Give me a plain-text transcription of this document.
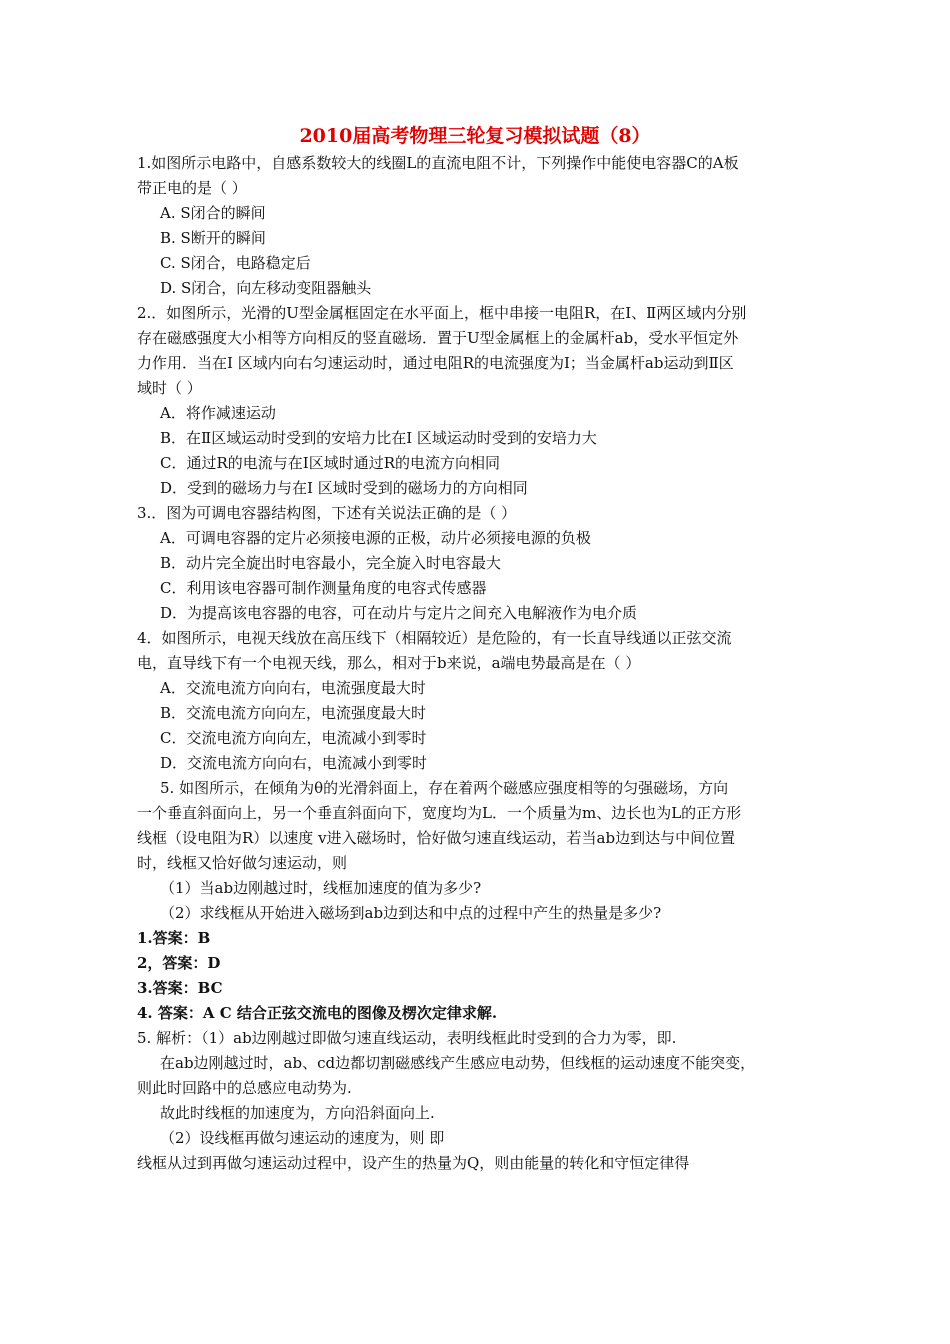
2010届高考物理三轮复习模拟试题（8）
1.如图所示电路中，自感系数较大的线圈L的直流电阻不计，下列操作中能使电容器C的A板
带正电的是（ ）
A. S闭合的瞬间
B. S断开的瞬间
C. S闭合，电路稳定后
D. S闭合，向左移动变阻器触头
2.．如图所示，光滑的U型金属框固定在水平面上，框中串接一电阻R，在I、Ⅱ两区域内分别
存在磁感强度大小相等方向相反的竖直磁场．置于U型金属框上的金属杆ab，受水平恒定外
力作用．当在I 区域内向右匀速运动时，通过电阻R的电流强度为I；当金属杆ab运动到Ⅱ区
域时（ ）
A．将作减速运动
B．在Ⅱ区域运动时受到的安培力比在I 区域运动时受到的安培力大
C．通过R的电流与在I区域时通过R的电流方向相同
D．受到的磁场力与在I 区域时受到的磁场力的方向相同
3.．图为可调电容器结构图，下述有关说法正确的是（ ）
A．可调电容器的定片必须接电源的正极，动片必须接电源的负极
B．动片完全旋出时电容最小，完全旋入时电容最大
C．利用该电容器可制作测量角度的电容式传感器
D．为提高该电容器的电容，可在动片与定片之间充入电解液作为电介质
4．如图所示，电视天线放在高压线下（相隔较近）是危险的，有一长直导线通以正弦交流
电，直导线下有一个电视天线，那么，相对于b来说，a端电势最高是在（ ）
A．交流电流方向向右，电流强度最大时
B．交流电流方向向左，电流强度最大时
C．交流电流方向向左，电流减小到零时
D．交流电流方向向右，电流减小到零时
5. 如图所示，在倾角为θ的光滑斜面上，存在着两个磁感应强度相等的匀强磁场，方向
一个垂直斜面向上，另一个垂直斜面向下，宽度均为L．一个质量为m、边长也为L的正方形
线框（设电阻为R）以速度 v进入磁场时，恰好做匀速直线运动，若当ab边到达与中间位置
时，线框又恰好做匀速运动，则
（1）当ab边刚越过时，线框加速度的值为多少?
（2）求线框从开始进入磁场到ab边到达和中点的过程中产生的热量是多少?
1.答案：B
2，答案：D
3.答案：BC
4. 答案：A C 结合正弦交流电的图像及楞次定律求解.
5. 解析：（1）ab边刚越过即做匀速直线运动，表明线框此时受到的合力为零，即.
在ab边刚越过时，ab、cd边都切割磁感线产生感应电动势，但线框的运动速度不能突变，
则此时回路中的总感应电动势为.
故此时线框的加速度为，方向沿斜面向上.
（2）设线框再做匀速运动的速度为，则 即
线框从过到再做匀速运动过程中，设产生的热量为Q，则由能量的转化和守恒定律得
